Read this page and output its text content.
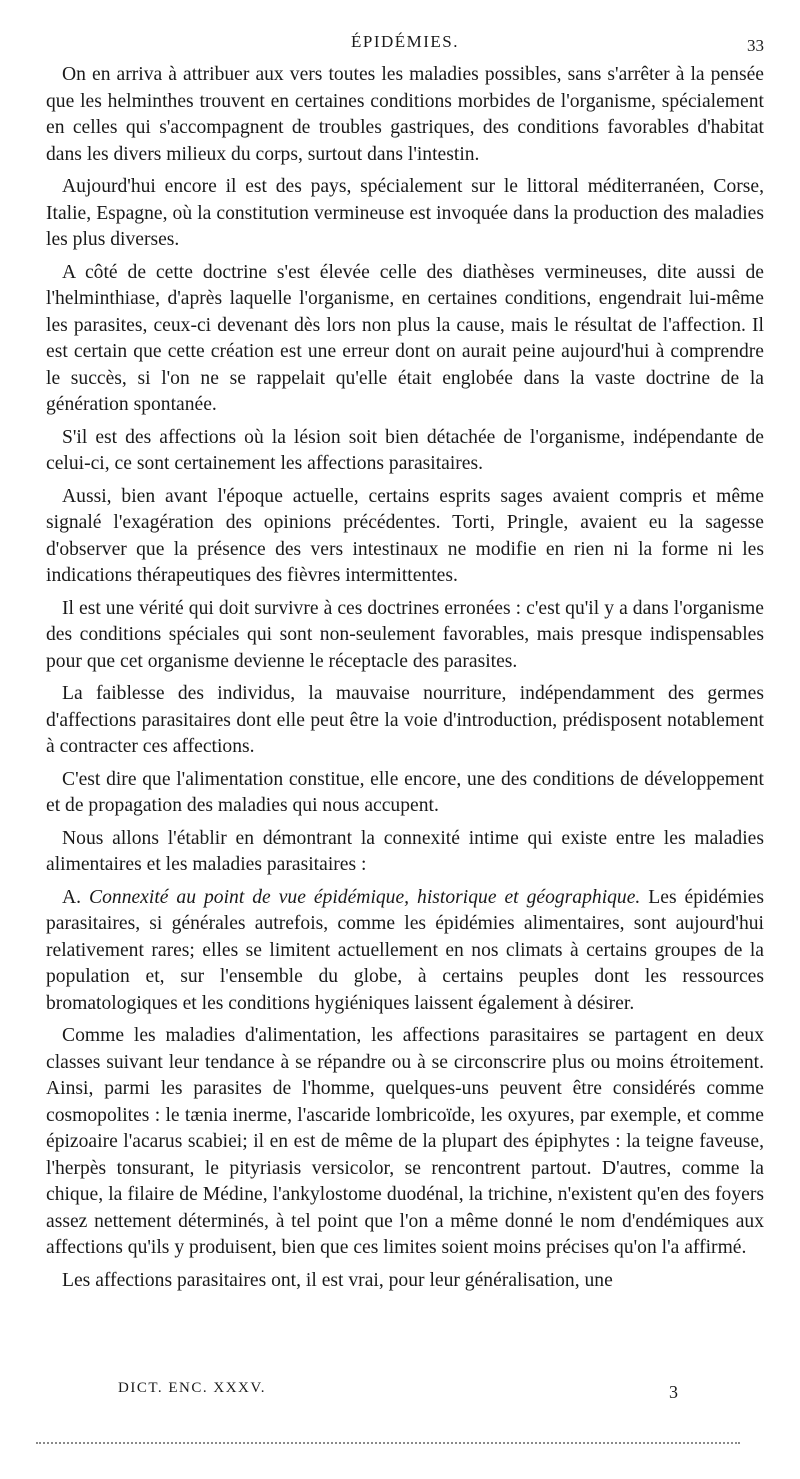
ÉPIDÉMIES.	33

On en arriva à attribuer aux vers toutes les maladies possibles, sans s'arrêter à la pensée que les helminthes trouvent en certaines conditions morbides de l'organisme, spécialement en celles qui s'accompagnent de troubles gastriques, des conditions favorables d'habitat dans les divers milieux du corps, surtout dans l'intestin.

Aujourd'hui encore il est des pays, spécialement sur le littoral méditerranéen, Corse, Italie, Espagne, où la constitution vermineuse est invoquée dans la production des maladies les plus diverses.

A côté de cette doctrine s'est élevée celle des diathèses vermineuses, dite aussi de l'helminthiase, d'après laquelle l'organisme, en certaines conditions, engendrait lui-même les parasites, ceux-ci devenant dès lors non plus la cause, mais le résultat de l'affection. Il est certain que cette création est une erreur dont on aurait peine aujourd'hui à comprendre le succès, si l'on ne se rappelait qu'elle était englobée dans la vaste doctrine de la génération spontanée.

S'il est des affections où la lésion soit bien détachée de l'organisme, indépendante de celui-ci, ce sont certainement les affections parasitaires.

Aussi, bien avant l'époque actuelle, certains esprits sages avaient compris et même signalé l'exagération des opinions précédentes. Torti, Pringle, avaient eu la sagesse d'observer que la présence des vers intestinaux ne modifie en rien ni la forme ni les indications thérapeutiques des fièvres intermittentes.

Il est une vérité qui doit survivre à ces doctrines erronées : c'est qu'il y a dans l'organisme des conditions spéciales qui sont non-seulement favorables, mais presque indispensables pour que cet organisme devienne le réceptacle des parasites.

La faiblesse des individus, la mauvaise nourriture, indépendamment des germes d'affections parasitaires dont elle peut être la voie d'introduction, prédisposent notablement à contracter ces affections.

C'est dire que l'alimentation constitue, elle encore, une des conditions de développement et de propagation des maladies qui nous accupent.

Nous allons l'établir en démontrant la connexité intime qui existe entre les maladies alimentaires et les maladies parasitaires :

A. Connexité au point de vue épidémique, historique et géographique. Les épidémies parasitaires, si générales autrefois, comme les épidémies alimentaires, sont aujourd'hui relativement rares; elles se limitent actuellement en nos climats à certains groupes de la population et, sur l'ensemble du globe, à certains peuples dont les ressources bromatologiques et les conditions hygiéniques laissent également à désirer.

Comme les maladies d'alimentation, les affections parasitaires se partagent en deux classes suivant leur tendance à se répandre ou à se circonscrire plus ou moins étroitement. Ainsi, parmi les parasites de l'homme, quelques-uns peuvent être considérés comme cosmopolites : le tænia inerme, l'ascaride lombricoïde, les oxyures, par exemple, et comme épizoaire l'acarus scabiei; il en est de même de la plupart des épiphytes : la teigne faveuse, l'herpès tonsurant, le pityriasis versicolor, se rencontrent partout. D'autres, comme la chique, la filaire de Médine, l'ankylostome duodénal, la trichine, n'existent qu'en des foyers assez nettement déterminés, à tel point que l'on a même donné le nom d'endémiques aux affections qu'ils y produisent, bien que ces limites soient moins précises qu'on l'a affirmé.

Les affections parasitaires ont, il est vrai, pour leur généralisation, une

DICT. ENC. XXXV.	3
